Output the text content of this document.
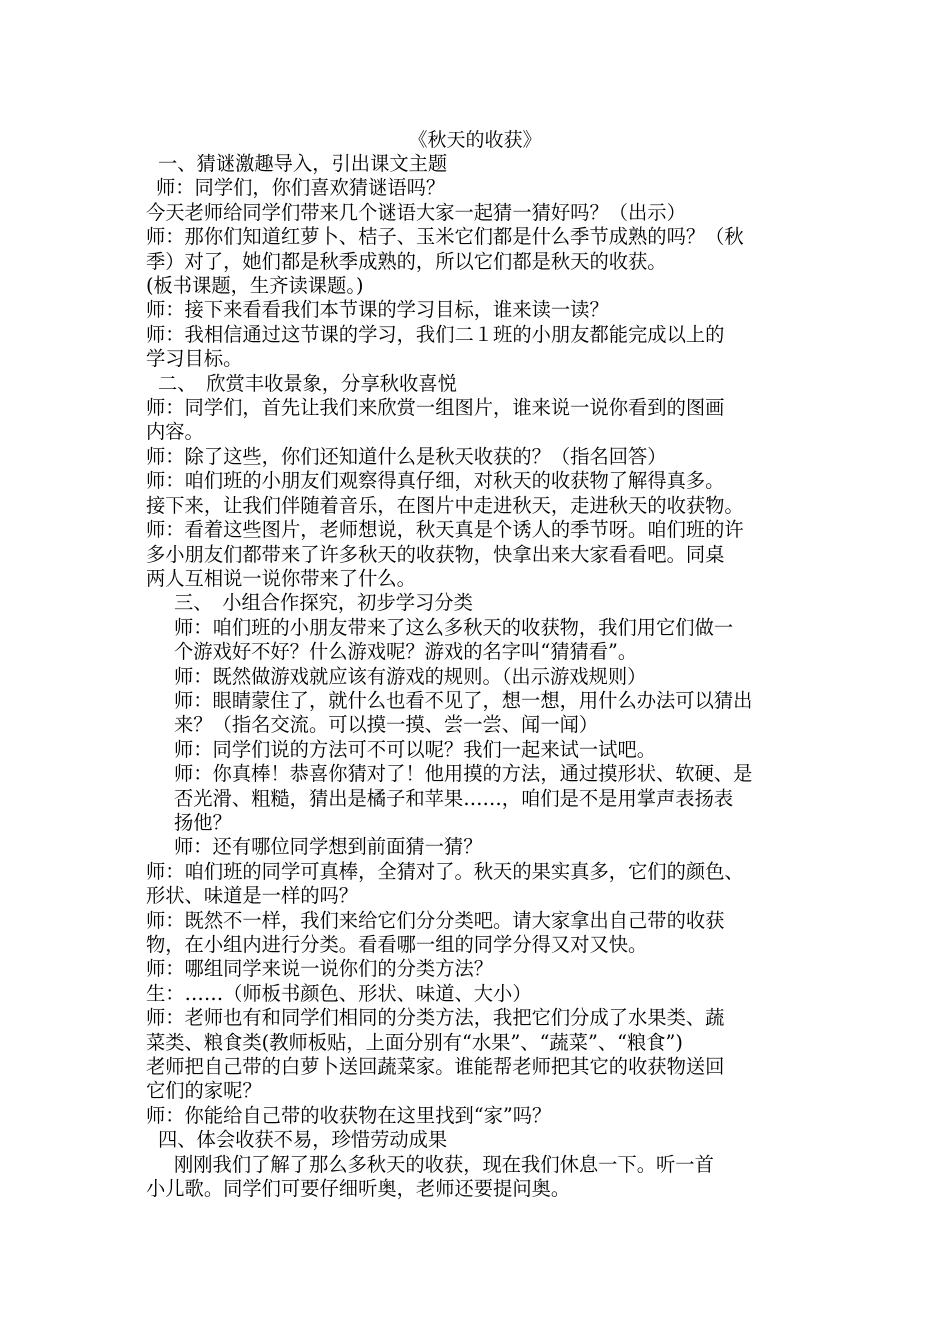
《秋天的收获》

一、猜谜激趣导入，引出课文主题

师：同学们，你们喜欢猜谜语吗？

今天老师给同学们带来几个谜语大家一起猜一猜好吗？（出示）

师：那你们知道红萝卜、桔子、玉米它们都是什么季节成熟的吗？（秋

季）对了，她们都是秋季成熟的，所以它们都是秋天的收获。

(板书课题，生齐读课题。)

师：接下来看看我们本节课的学习目标，谁来读一读？

师：我相信通过这节课的学习，我们二１班的小朋友都能完成以上的

学习目标。

二、　欣赏丰收景象，分享秋收喜悦

师：同学们，首先让我们来欣赏一组图片，谁来说一说你看到的图画

内容。

师：除了这些，你们还知道什么是秋天收获的？（指名回答）

师：咱们班的小朋友们观察得真仔细，对秋天的收获物了解得真多。

接下来，让我们伴随着音乐，在图片中走进秋天，走进秋天的收获物。

师：看着这些图片，老师想说，秋天真是个诱人的季节呀。咱们班的许

多小朋友们都带来了许多秋天的收获物，快拿出来大家看看吧。同桌

两人互相说一说你带来了什么。

三、　小组合作探究，初步学习分类

师：咱们班的小朋友带来了这么多秋天的收获物，我们用它们做一

个游戏好不好？什么游戏呢？游戏的名字叫“猜猜看”。

师：既然做游戏就应该有游戏的规则。（出示游戏规则）

师：眼睛蒙住了，就什么也看不见了，想一想，用什么办法可以猜出

来？（指名交流。可以摸一摸、尝一尝、闻一闻）

师：同学们说的方法可不可以呢？我们一起来试一试吧。

师：你真棒！恭喜你猜对了！他用摸的方法，通过摸形状、软硬、是

否光滑、粗糙，猜出是橘子和苹果……，咱们是不是用掌声表扬表

扬他？

师：还有哪位同学想到前面猜一猜？

师：咱们班的同学可真棒，全猜对了。秋天的果实真多，它们的颜色、

形状、味道是一样的吗？

师：既然不一样，我们来给它们分分类吧。请大家拿出自己带的收获

物，在小组内进行分类。看看哪一组的同学分得又对又快。

师：哪组同学来说一说你们的分类方法？

生：……（师板书颜色、形状、味道、大小）

师：老师也有和同学们相同的分类方法，我把它们分成了水果类、蔬

菜类、粮食类(教师板贴，上面分别有“水果”、“蔬菜”、“粮食”)

老师把自己带的白萝卜送回蔬菜家。谁能帮老师把其它的收获物送回

它们的家呢？

师：你能给自己带的收获物在这里找到“家”吗？

四、体会收获不易，珍惜劳动成果

刚刚我们了解了那么多秋天的收获，现在我们休息一下。听一首

小儿歌。同学们可要仔细听奥，老师还要提问奥。
